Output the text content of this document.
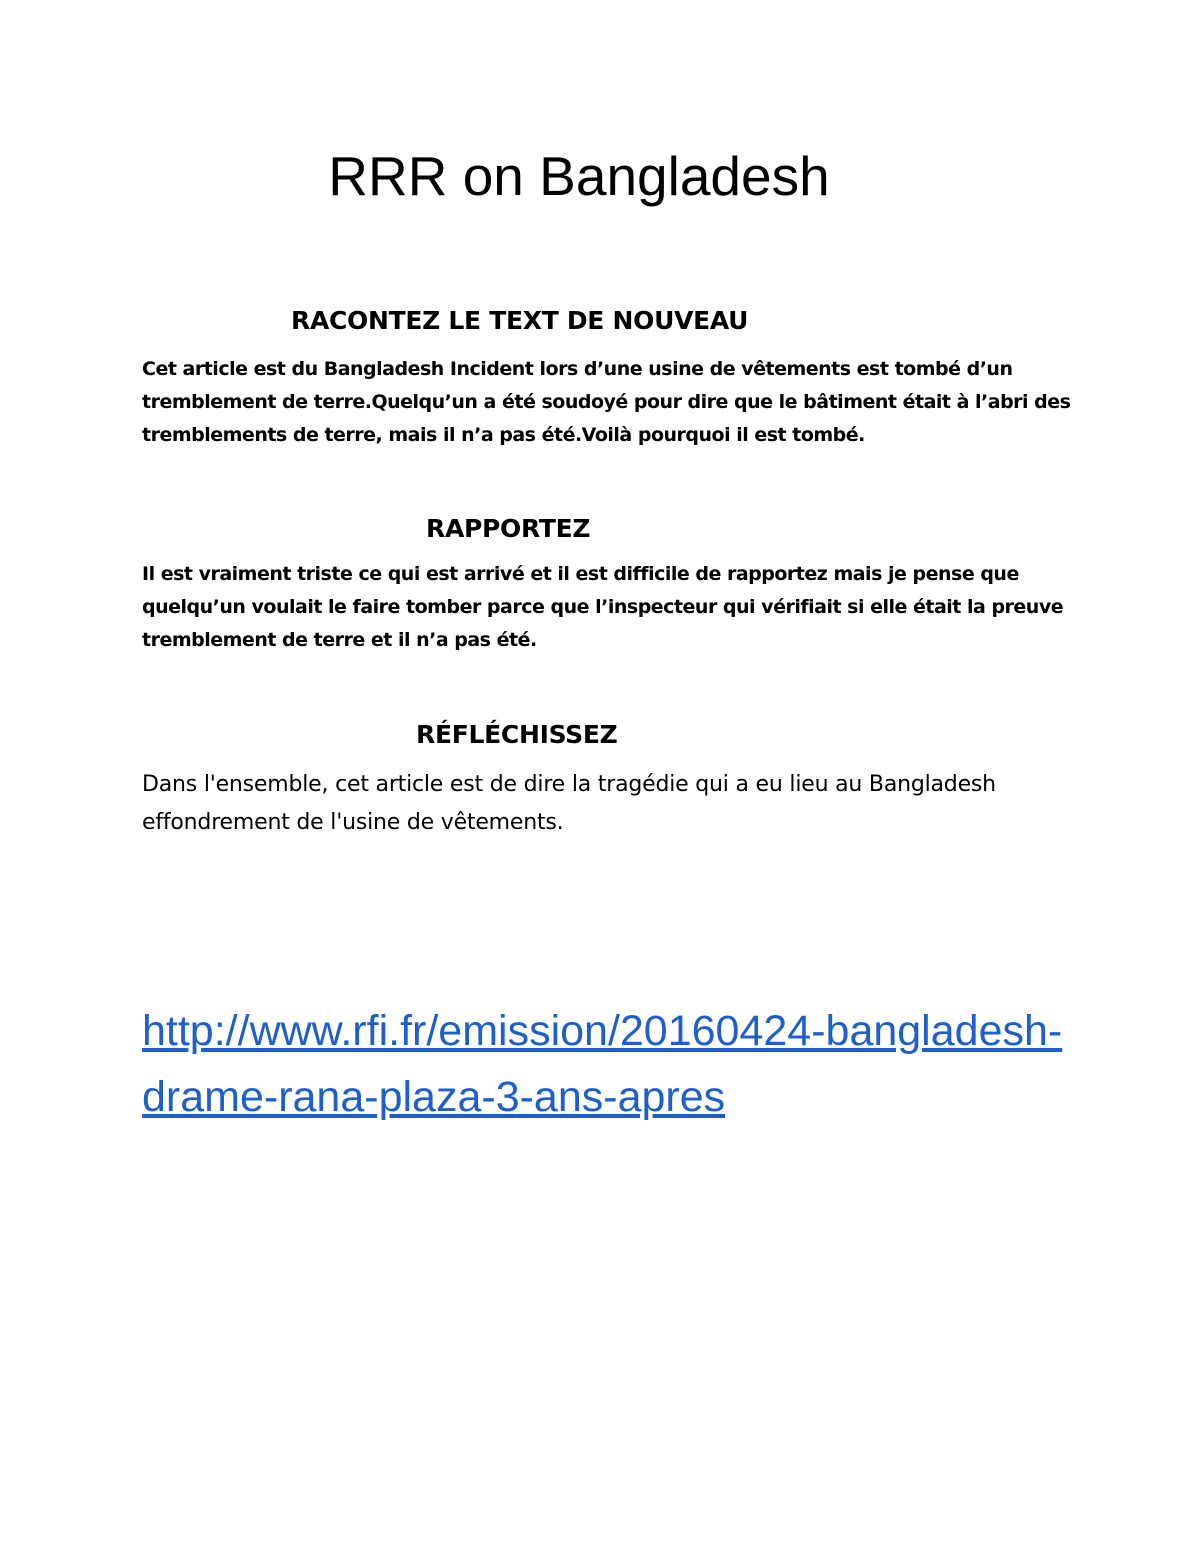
RRR on Bangladesh
RACONTEZ LE TEXT DE NOUVEAU

Cet article est du Bangladesh Incident lors d’une usine de vêtements est tombé d’un tremblement de terre.Quelqu’un a été soudoyé pour dire que le bâtiment était à l’abri des tremblements de terre, mais il n’a pas été.Voilà pourquoi il est tombé.

RAPPORTEZ

Il est vraiment triste ce qui est arrivé et il est difficile de rapportez mais je pense que quelqu’un voulait le faire tomber parce que l’inspecteur qui vérifiait si elle était la preuve tremblement de terre et il n’a pas été.

RÉFLÉCHISSEZ

Dans l'ensemble, cet article est de dire la tragédie qui a eu lieu au Bangladesh effondrement de l'usine de vêtements.

http://www.rfi.fr/emission/20160424-bangladesh-drame-rana-plaza-3-ans-apres
